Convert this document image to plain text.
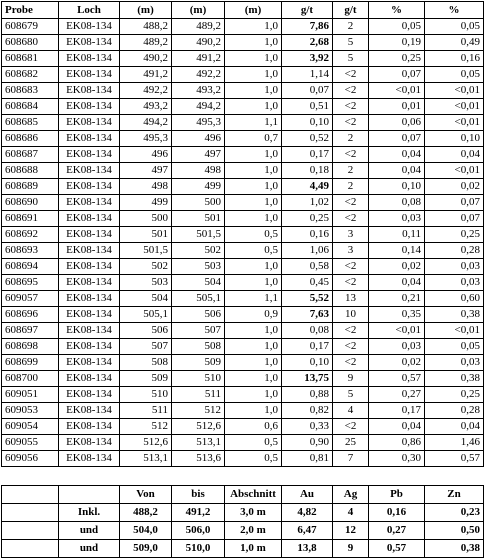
Probe	Loch	(m)	(m)	(m)	g/t	g/t	%	%
608679	EK08-134	488,2	489,2	1,0	7,86	2	0,05	0,05
608680	EK08-134	489,2	490,2	1,0	2,68	5	0,19	0,49
608681	EK08-134	490,2	491,2	1,0	3,92	5	0,25	0,16
608682	EK08-134	491,2	492,2	1,0	1,14	<2	0,07	0,05
608683	EK08-134	492,2	493,2	1,0	0,07	<2	<0,01	<0,01
608684	EK08-134	493,2	494,2	1,0	0,51	<2	0,01	<0,01
608685	EK08-134	494,2	495,3	1,1	0,10	<2	0,06	<0,01
608686	EK08-134	495,3	496	0,7	0,52	2	0,07	0,10
608687	EK08-134	496	497	1,0	0,17	<2	0,04	0,04
608688	EK08-134	497	498	1,0	0,18	2	0,04	<0,01
608689	EK08-134	498	499	1,0	4,49	2	0,10	0,02
608690	EK08-134	499	500	1,0	1,02	<2	0,08	0,07
608691	EK08-134	500	501	1,0	0,25	<2	0,03	0,07
608692	EK08-134	501	501,5	0,5	0,16	3	0,11	0,25
608693	EK08-134	501,5	502	0,5	1,06	3	0,14	0,28
608694	EK08-134	502	503	1,0	0,58	<2	0,02	0,03
608695	EK08-134	503	504	1,0	0,45	<2	0,04	0,03
609057	EK08-134	504	505,1	1,1	5,52	13	0,21	0,60
608696	EK08-134	505,1	506	0,9	7,63	10	0,35	0,38
608697	EK08-134	506	507	1,0	0,08	<2	<0,01	<0,01
608698	EK08-134	507	508	1,0	0,17	<2	0,03	0,05
608699	EK08-134	508	509	1,0	0,10	<2	0,02	0,03
608700	EK08-134	509	510	1,0	13,75	9	0,57	0,38
609051	EK08-134	510	511	1,0	0,88	5	0,27	0,25
609053	EK08-134	511	512	1,0	0,82	4	0,17	0,28
609054	EK08-134	512	512,6	0,6	0,33	<2	0,04	0,04
609055	EK08-134	512,6	513,1	0,5	0,90	25	0,86	1,46
609056	EK08-134	513,1	513,6	0,5	0,81	7	0,30	0,57

		Von	bis	Abschnitt	Au	Ag	Pb	Zn
	Inkl.	488,2	491,2	3,0 m	4,82	4	0,16	0,23
	und	504,0	506,0	2,0 m	6,47	12	0,27	0,50
	und	509,0	510,0	1,0 m	13,8	9	0,57	0,38
